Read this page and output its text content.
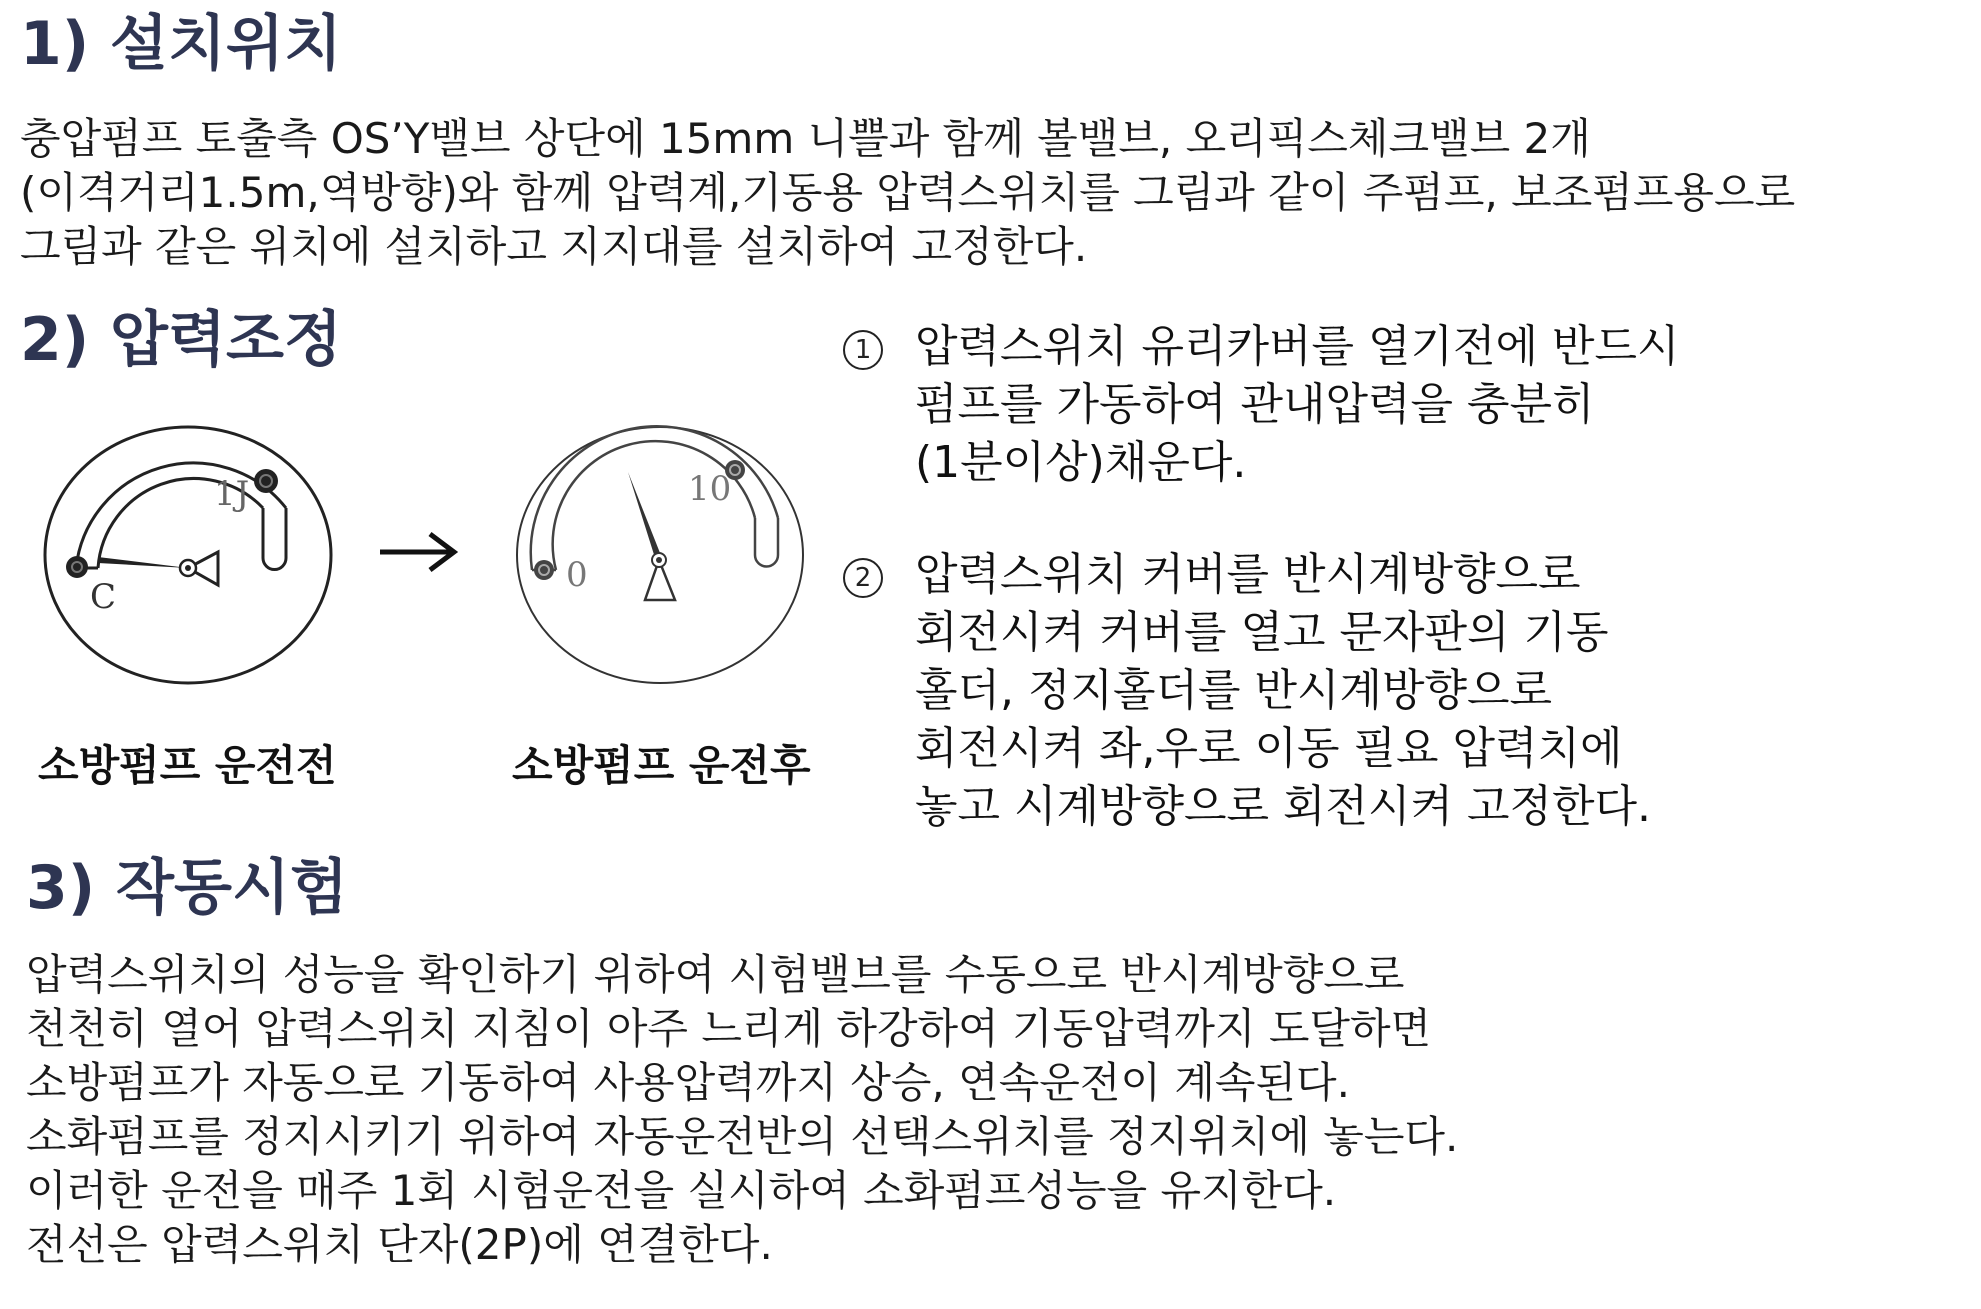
1) 설치위치
충압펌프 토출측 OS’Y밸브 상단에 15mm 니쁠과 함께 볼밸브, 오리픽스체크밸브 2개
(이격거리1.5m,역방향)와 함께 압력계,기동용 압력스위치를 그림과 같이 주펌프, 보조펌프용으로
그림과 같은 위치에 설치하고 지지대를 설치하여 고정한다.
2) 압력조정
C
1J
소방펌프 운전전
0
10
소방펌프 운전후
1 압력스위치 유리카버를 열기전에 반드시
펌프를 가동하여 관내압력을 충분히
(1분이상)채운다.
2 압력스위치 커버를 반시계방향으로
회전시켜 커버를 열고 문자판의 기동
홀더, 정지홀더를 반시계방향으로
회전시켜 좌,우로 이동 필요 압력치에
놓고 시계방향으로 회전시켜 고정한다.
3) 작동시험
압력스위치의 성능을 확인하기 위하여 시험밸브를 수동으로 반시계방향으로
천천히 열어 압력스위치 지침이 아주 느리게 하강하여 기동압력까지 도달하면
소방펌프가 자동으로 기동하여 사용압력까지 상승, 연속운전이 계속된다.
소화펌프를 정지시키기 위하여 자동운전반의 선택스위치를 정지위치에 놓는다.
이러한 운전을 매주 1회 시험운전을 실시하여 소화펌프성능을 유지한다.
전선은 압력스위치 단자(2P)에 연결한다.
